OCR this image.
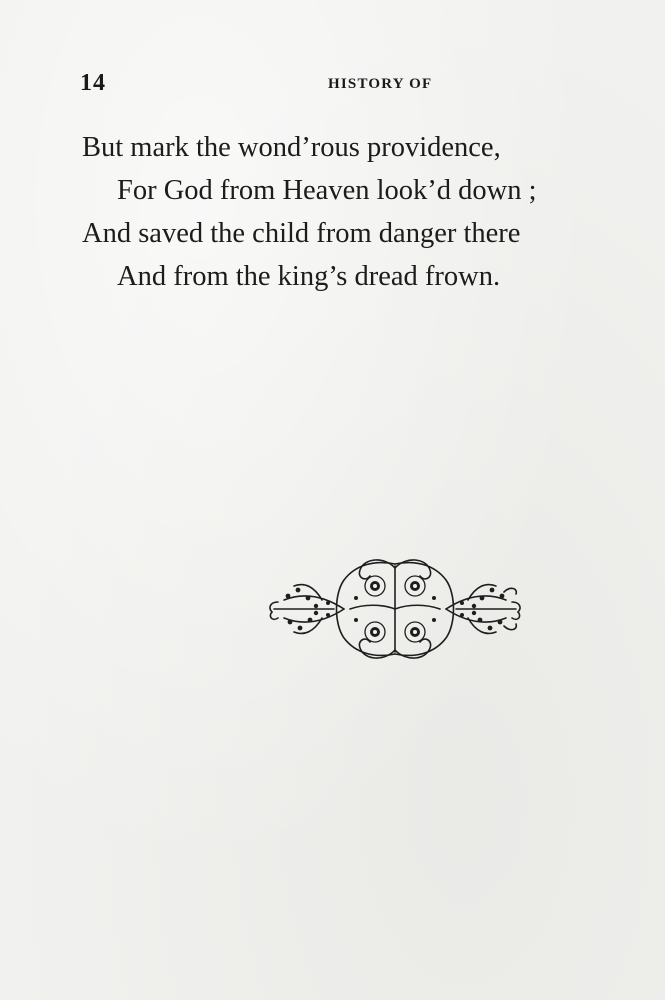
14	HISTORY OF
But mark the wond’rous providence,
For God from Heaven look’d down ;
And saved the child from danger there
And from the king’s dread frown.
